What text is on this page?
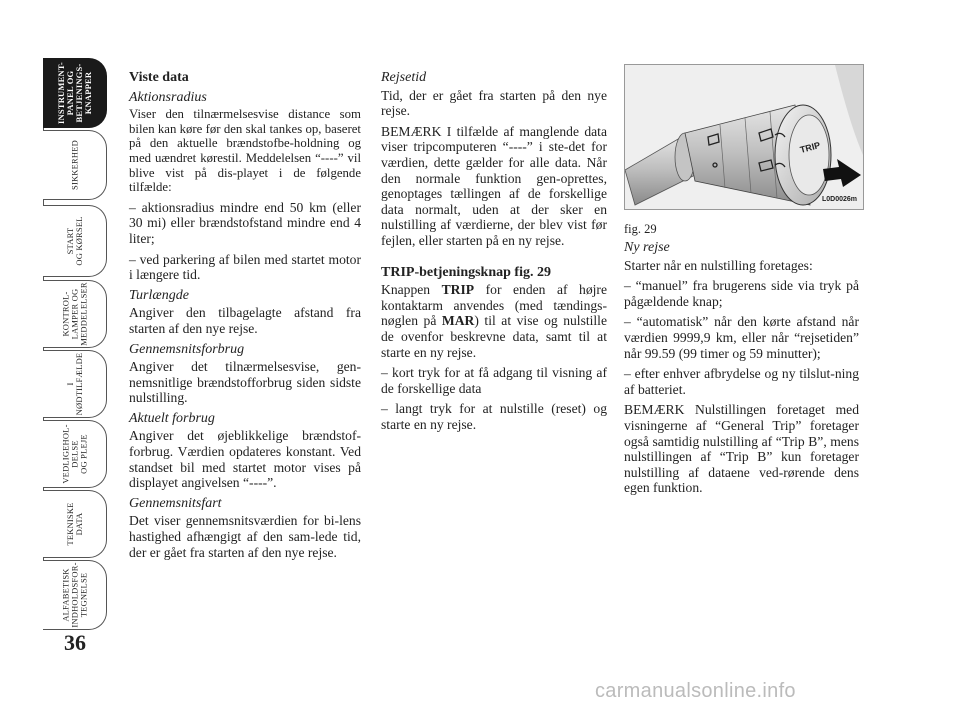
INSTRUMENT- PANEL OG BETJENINGS- KNAPPER
SIKKERHED
START OG KØRSEL
KONTROL- LAMPER OG MEDDELELSER
I NØDTILFÆLDE
VEDLIGEHOL- DELSE OG PLEJE
TEKNISKE DATA
ALFABETISK INDHOLDSFOR- TEGNELSE
36
Viste data
Aktionsradius

Viser den tilnærmelsesvise distance som bilen kan køre før den skal tankes op, baseret på den aktuelle brændstofbe-holdning og med uændret kørestil. Meddelelsen “----” vil blive vist på dis-playet i de følgende tilfælde:

– aktionsradius mindre end 50 km (eller 30 mi) eller brændstofstand mindre end 4 liter;

– ved parkering af bilen med startet motor i længere tid.

Turlængde

Angiver den tilbagelagte afstand fra starten af den nye rejse.

Gennemsnitsforbrug

Angiver det tilnærmelsesvise, gen-nemsnitlige brændstofforbrug siden sidste nulstilling.

Aktuelt forbrug

Angiver det øjeblikkelige brændstof-forbrug. Værdien opdateres konstant. Ved standset bil med startet motor vises på displayet angivelsen “----”.

Gennemsnitsfart

Det viser gennemsnitsværdien for bi-lens hastighed afhængigt af den sam-lede tid, der er gået fra starten af den nye rejse.

Rejsetid

Tid, der er gået fra starten på den nye rejse.

BEMÆRK I tilfælde af manglende data viser tripcomputeren “----” i ste-det for værdien, dette gælder for alle data. Når den normale funktion gen-oprettes, genoptages tællingen af de forskellige data normalt, uden at der sker en nulstilling af værdierne, der blev vist før fejlen, eller starten på en ny rejse.

TRIP-betjeningsknap fig. 29

Knappen TRIP for enden af højre kontaktarm anvendes (med tændings-nøglen på MAR) til at vise og nulstille de ovenfor beskrevne data, samt til at starte en ny rejse.

– kort tryk for at få adgang til visning af de forskellige data

– langt tryk for at nulstille (reset) og starte en ny rejse.

TRIP
L0D0026m
fig. 29
Ny rejse

Starter når en nulstilling foretages:

– “manuel” fra brugerens side via tryk på pågældende knap;

– “automatisk” når den kørte afstand når værdien 9999,9 km, eller når “rejsetiden” når 99.59 (99 timer og 59 minutter);

– efter enhver afbrydelse og ny tilslut-ning af batteriet.

BEMÆRK Nulstillingen foretaget med visningerne af “General Trip” foretager også samtidig nulstilling af “Trip B”, mens nulstillingen af “Trip B” kun foretager nulstilling af dataene ved-rørende dens egen funktion.

carmanualsonline.info
